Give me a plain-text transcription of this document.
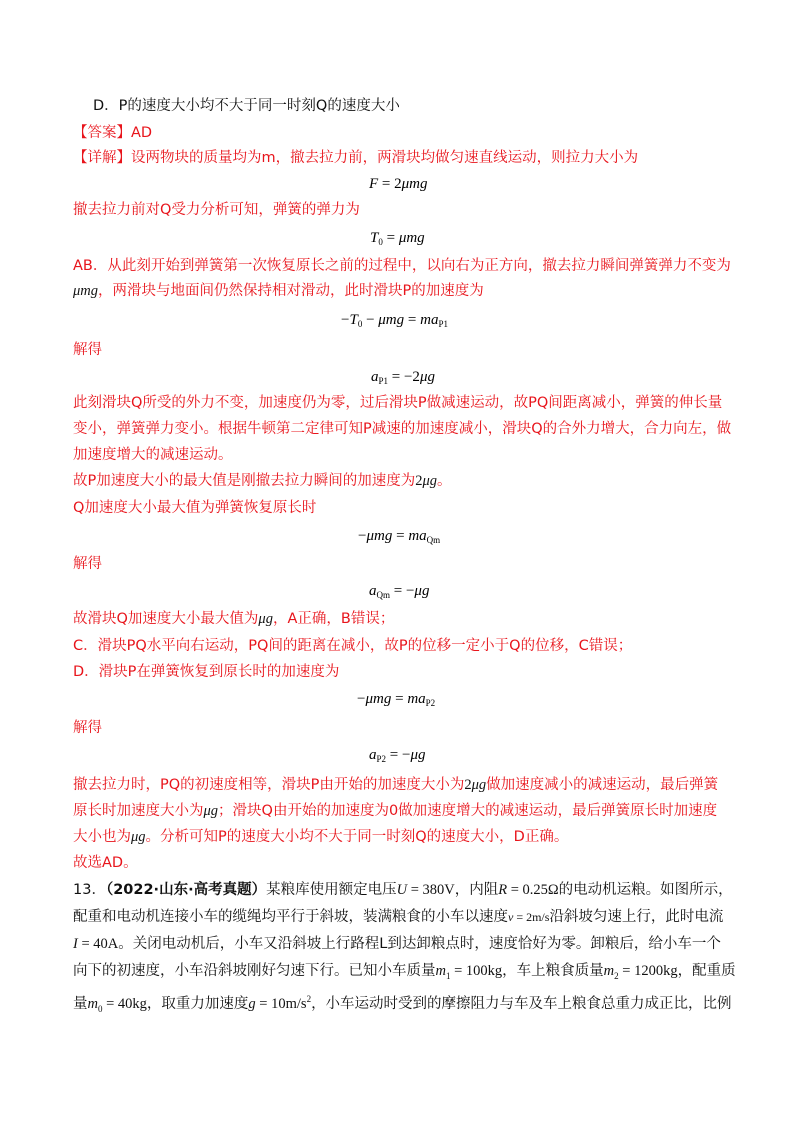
D．P的速度大小均不大于同一时刻Q的速度大小
【答案】AD
【详解】设两物块的质量均为m，撤去拉力前，两滑块均做匀速直线运动，则拉力大小为
F = 2μmg
撤去拉力前对Q受力分析可知，弹簧的弹力为
$T_0 = \mu mg$
AB．从此刻开始到弹簧第一次恢复原长之前的过程中，以向右为正方向，撤去拉力瞬间弹簧弹力不变为
μmg，两滑块与地面间仍然保持相对滑动，此时滑块P的加速度为
$-T_0 - \mu mg = ma_{P1}$
解得
$a_{P1} = -2\mu g$
此刻滑块Q所受的外力不变，加速度仍为零，过后滑块P做减速运动，故PQ间距离减小，弹簧的伸长量
变小，弹簧弹力变小。根据牛顿第二定律可知P减速的加速度减小，滑块Q的合外力增大，合力向左，做
加速度增大的减速运动。
故P加速度大小的最大值是刚撤去拉力瞬间的加速度为2μg。
Q加速度大小最大值为弹簧恢复原长时
$-\mu mg = ma_{Qm}$
解得
$a_{Qm} = -\mu g$
故滑块Q加速度大小最大值为μg，A正确，B错误；
C．滑块PQ水平向右运动，PQ间的距离在减小，故P的位移一定小于Q的位移，C错误；
D．滑块P在弹簧恢复到原长时的加速度为
$-\mu mg = ma_{P2}$
解得
$a_{P2} = -\mu g$
撤去拉力时，PQ的初速度相等，滑块P由开始的加速度大小为2μg做加速度减小的减速运动，最后弹簧
原长时加速度大小为μg；滑块Q由开始的加速度为0做加速度增大的减速运动，最后弹簧原长时加速度
大小也为μg。分析可知P的速度大小均不大于同一时刻Q的速度大小，D正确。
故选AD。
13．（2022·山东·高考真题）某粮库使用额定电压U = 380V，内阻R = 0.25Ω的电动机运粮。如图所示，
配重和电动机连接小车的缆绳均平行于斜坡，装满粮食的小车以速度v = 2m/s沿斜坡匀速上行，此时电流
I = 40A。关闭电动机后，小车又沿斜坡上行路程L到达卸粮点时，速度恰好为零。卸粮后，给小车一个
向下的初速度，小车沿斜坡刚好匀速下行。已知小车质量$m_1 = 100kg$，车上粮食质量$m_2 = 1200kg$，配重质
量$m_0 = 40kg$，取重力加速度$g = 10m/s^2$，小车运动时受到的摩擦阻力与车及车上粮食总重力成正比，比例
